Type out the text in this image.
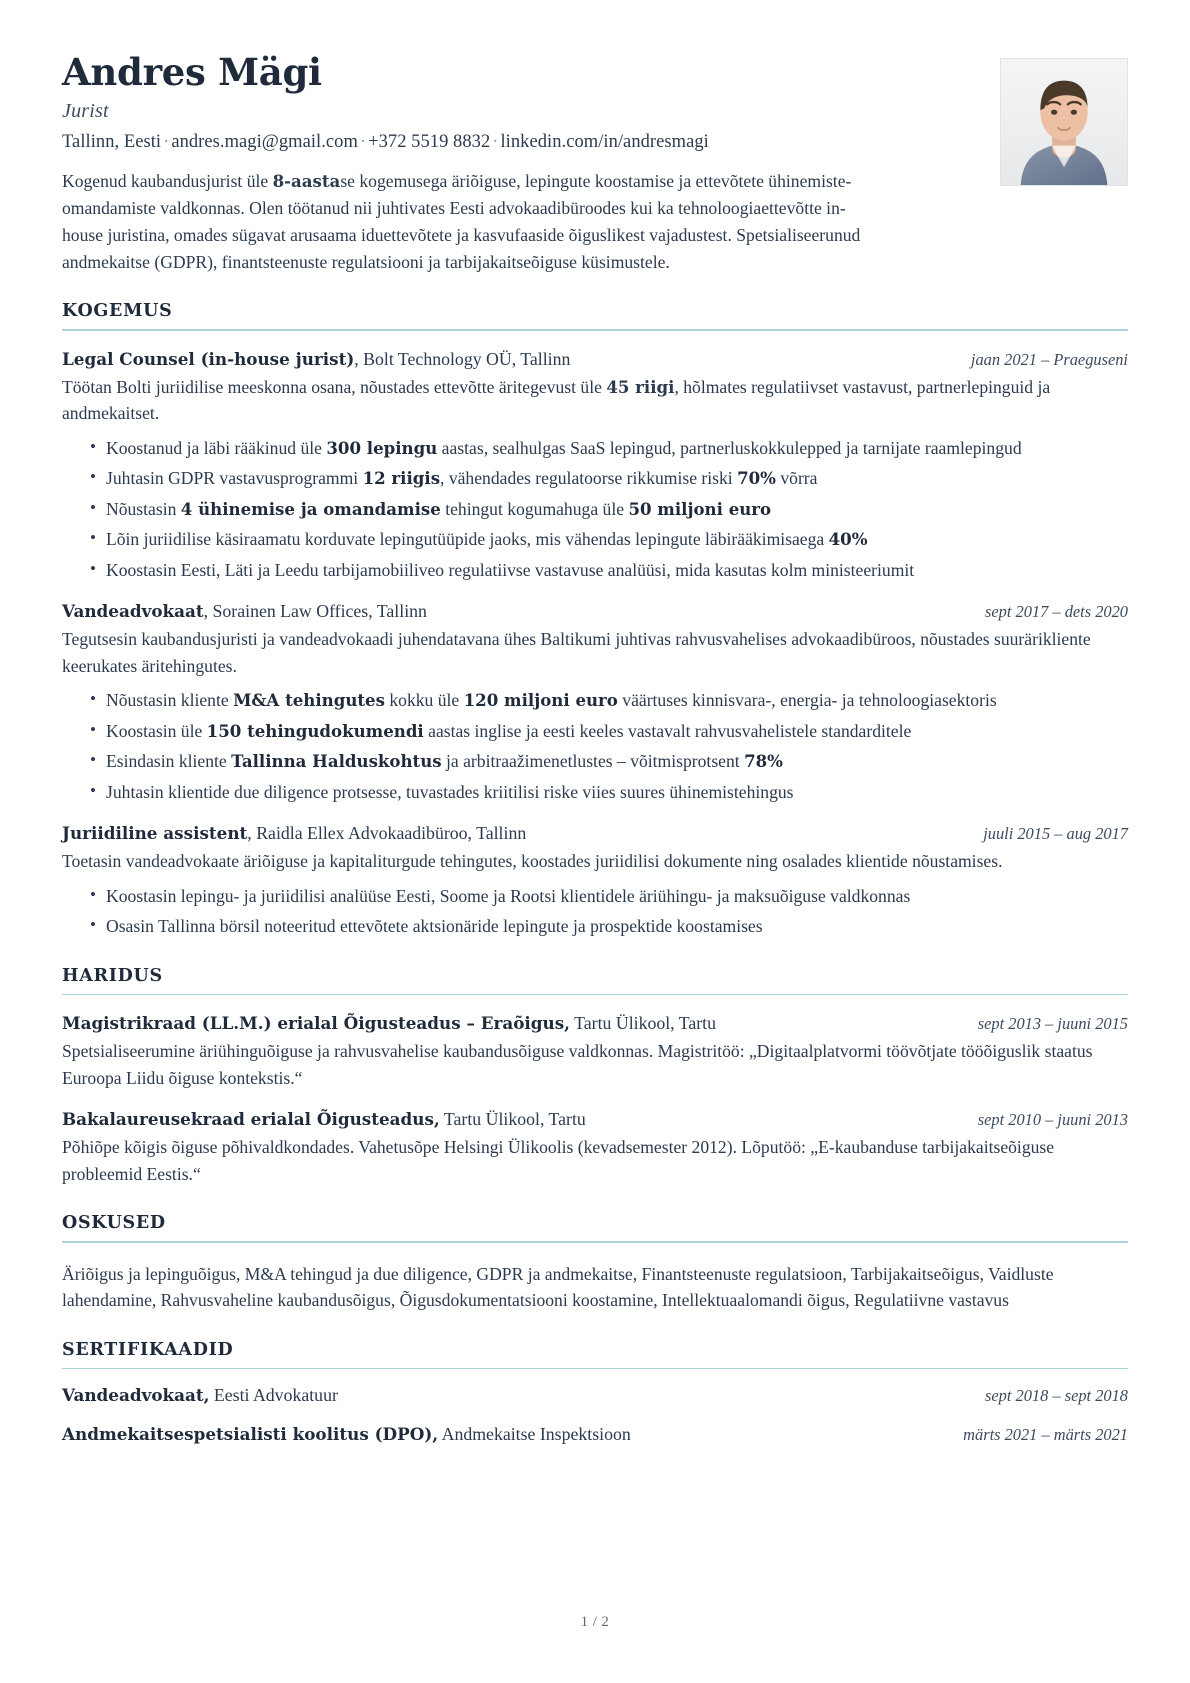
Andres Mägi
Jurist
Tallinn, Eesti · andres.magi@gmail.com · +372 5519 8832 · linkedin.com/in/andresmagi
Kogenud kaubandusjurist üle 8-aastase kogemusega äriõiguse, lepingute koostamise ja ettevõtete ühinemiste-omandamiste valdkonnas. Olen töötanud nii juhtivates Eesti advokaadibüroodes kui ka tehnoloogiaettevõtte in-house juristina, omades sügavat arusaama iduettevõtete ja kasvufaaside õiguslikest vajadustest. Spetsialiseerunud andmekaitse (GDPR), finantsteenuste regulatsiooni ja tarbijakaitseõiguse küsimustele.
KOGEMUS
Legal Counsel (in-house jurist), Bolt Technology OÜ, Tallinn	jaan 2021 – Praeguseni
Töötan Bolti juriidilise meeskonna osana, nõustades ettevõtte äritegevust üle 45 riigi, hõlmates regulatiivset vastavust, partnerlepinguid ja andmekaitset.
• Koostanud ja läbi rääkinud üle 300 lepingu aastas, sealhulgas SaaS lepingud, partnerluskokkulepped ja tarnijate raamlepingud
• Juhtasin GDPR vastavusprogrammi 12 riigis, vähendades regulatoorse rikkumise riski 70% võrra
• Nõustasin 4 ühinemise ja omandamise tehingut kogumahuga üle 50 miljoni euro
• Lõin juriidilise käsiraamatu korduvate lepingutüüpide jaoks, mis vähendas lepingute läbirääkimisaega 40%
• Koostasin Eesti, Läti ja Leedu tarbijamobiiliveo regulatiivse vastavuse analüüsi, mida kasutas kolm ministeeriumit
Vandeadvokaat, Sorainen Law Offices, Tallinn	sept 2017 – dets 2020
Tegutsesin kaubandusjuristi ja vandeadvokaadi juhendatavana ühes Baltikumi juhtivas rahvusvahelises advokaadibüroos, nõustades suurärikliente keerukates äritehingutes.
• Nõustasin kliente M&A tehingutes kokku üle 120 miljoni euro väärtuses kinnisvara-, energia- ja tehnoloogiasektoris
• Koostasin üle 150 tehingudokumendi aastas inglise ja eesti keeles vastavalt rahvusvahelistele standarditele
• Esindasin kliente Tallinna Halduskohtus ja arbitraažimenetlustes – võitmisprotsent 78%
• Juhtasin klientide due diligence protsesse, tuvastades kriitilisi riske viies suures ühinemistehingus
Juriidiline assistent, Raidla Ellex Advokaadibüroo, Tallinn	juuli 2015 – aug 2017
Toetasin vandeadvokaate äriõiguse ja kapitaliturgude tehingutes, koostades juriidilisi dokumente ning osalades klientide nõustamises.
• Koostasin lepingu- ja juriidilisi analüüse Eesti, Soome ja Rootsi klientidele äriühingu- ja maksuõiguse valdkonnas
• Osasin Tallinna börsil noteeritud ettevõtete aktsionäride lepingute ja prospektide koostamises
HARIDUS
Magistrikraad (LL.M.) erialal Õigusteadus – Eraõigus, Tartu Ülikool, Tartu	sept 2013 – juuni 2015
Spetsialiseerumine äriühinguõiguse ja rahvusvahelise kaubandusõiguse valdkonnas. Magistritöö: „Digitaalplatvormi töövõtjate tööõiguslik staatus Euroopa Liidu õiguse kontekstis.“
Bakalaureusekraad erialal Õigusteadus, Tartu Ülikool, Tartu	sept 2010 – juuni 2013
Põhiõpe kõigis õiguse põhivaldkondades. Vahetusõpe Helsingi Ülikoolis (kevadsemester 2012). Lõputöö: „E-kaubanduse tarbijakaitseõiguse probleemid Eestis.“
OSKUSED
Äriõigus ja lepinguõigus, M&A tehingud ja due diligence, GDPR ja andmekaitse, Finantsteenuste regulatsioon, Tarbijakaitseõigus, Vaidluste lahendamine, Rahvusvaheline kaubandusõigus, Õigusdokumentatsiooni koostamine, Intellektuaalomandi õigus, Regulatiivne vastavus
SERTIFIKAADID
Vandeadvokaat, Eesti Advokatuur	sept 2018 – sept 2018
Andmekaitsespetsialisti koolitus (DPO), Andmekaitse Inspektsioon	märts 2021 – märts 2021
1 / 2
